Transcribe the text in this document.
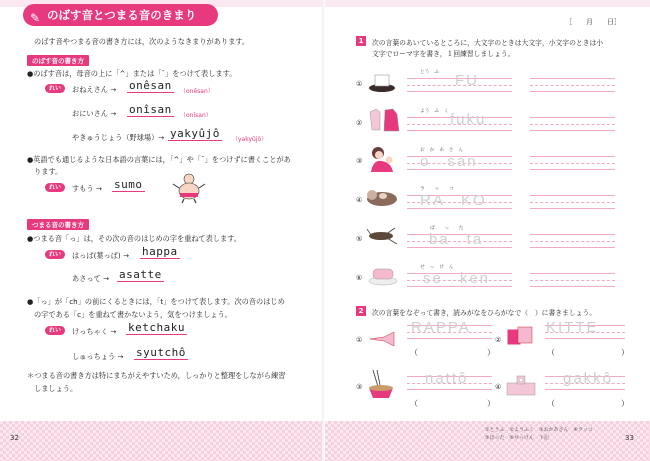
✎ のばす音とつまる音のきまり
のばす音やつまる音の書き方には，次のようなきまりがあります。
のばす音の書き方
●のばす音は，母音の上に「^」または「¯」をつけて表します。
れい	おねえさん → onêsan	（onēsan）
おにいさん → onîsan	（onīsan）
やきゅうじょう（野球場）→ yakyûjô	（yakyūjō）
●英語でも通じるような日本語の言葉には，「^」や「¯」をつけずに書くことがあ
ります。
れい	すもう → sumo
つまる音の書き方
●つまる音「っ」は，その次の音のはじめの字を重ねて表します。
れい	はっぱ(葉っぱ) → happa
あさって → asatte
●「っ」が「ch」の前にくるときには，「t」をつけて表します。次の音のはじめ
の字である「c」を重ねて書かないよう，気をつけましょう。
れい	けっちゃく → ketchaku
しゅっちょう → syutchô
＊つまる音の書き方は特にまちがえやすいため，しっかりと整理をしながら練習
しましょう。
32
［　　月　　日］
1	次の言葉のあいているところに，大文字のときは大文字，小文字のときは小
文字でローマ字を書き，１回練習しましょう。
①
とう　ふ FU
②
よう　ふ　く fuku
③
お　か　あ　さ　ん
o　san
④
ラ　　ッ　　コ
RA　KO
⑤
ば　　っ　　た
ba　ta
⑥
せ　っ　け　ん
se　ken
2	次の言葉をなぞって書き，読みがなをひらがなで（　）に書きましょう。
①
RAPPA
（	）
②
KITTE
（	）
③	nattô
（	）
④	gakkô
（	）
①とうふ　②ようふく　③おかあさん　④ラッコ
⑤ばった　⑥せっけん　下記	33
